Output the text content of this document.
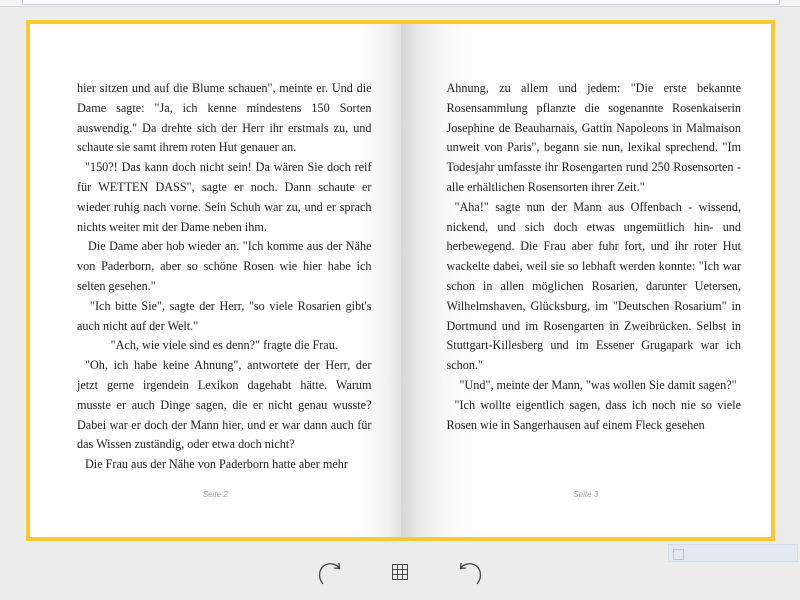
hier sitzen und auf die Blume schauen", meinte er. Und die Dame sagte: "Ja, ich kenne mindestens 150 Sorten auswendig." Da drehte sich der Herr ihr erstmals zu, und schaute sie samt ihrem roten Hut genauer an.

"150?! Das kann doch nicht sein! Da wären Sie doch reif für WETTEN DASS", sagte er noch. Dann schaute er wieder ruhig nach vorne. Sein Schuh war zu, und er sprach nichts weiter mit der Dame neben ihm.

Die Dame aber hob wieder an. "Ich komme aus der Nähe von Paderborn, aber so schöne Rosen wie hier habe ich selten gesehen."

"Ich bitte Sie", sagte der Herr, "so viele Rosarien gibt's auch nicht auf der Welt."

"Ach, wie viele sind es denn?" fragte die Frau.

"Oh, ich habe keine Ahnung", antwortete der Herr, der jetzt gerne irgendein Lexikon dagehabt hätte. Warum musste er auch Dinge sagen, die er nicht genau wusste? Dabei war er doch der Mann hier, und er war dann auch für das Wissen zuständig, oder etwa doch nicht?

Die Frau aus der Nähe von Paderborn hatte aber mehr

Seite 2

Ahnung, zu allem und jedem: "Die erste bekannte Rosensammlung pflanzte die sogenannte Rosenkaiserin Josephine de Beauharnais, Gattin Napoleons in Malmaison unweit von Paris", begann sie nun, lexikal sprechend. "Im Todesjahr umfasste ihr Rosengarten rund 250 Rosensorten - alle erhältlichen Rosensorten ihrer Zeit."

"Aha!" sagte nun der Mann aus Offenbach - wissend, nickend, und sich doch etwas ungemütlich hin- und herbewegend. Die Frau aber fuhr fort, und ihr roter Hut wackelte dabei, weil sie so lebhaft werden konnte: "Ich war schon in allen möglichen Rosarien, darunter Uetersen, Wilhelmshaven, Glücksburg, im "Deutschen Rosarium" in Dortmund und im Rosengarten in Zweibrücken. Selbst in Stuttgart-Killesberg und im Essener Grugapark war ich schon."

"Und", meinte der Mann, "was wollen Sie damit sagen?"

"Ich wollte eigentlich sagen, dass ich noch nie so viele Rosen wie in Sangerhausen auf einem Fleck gesehen

Seite 3
